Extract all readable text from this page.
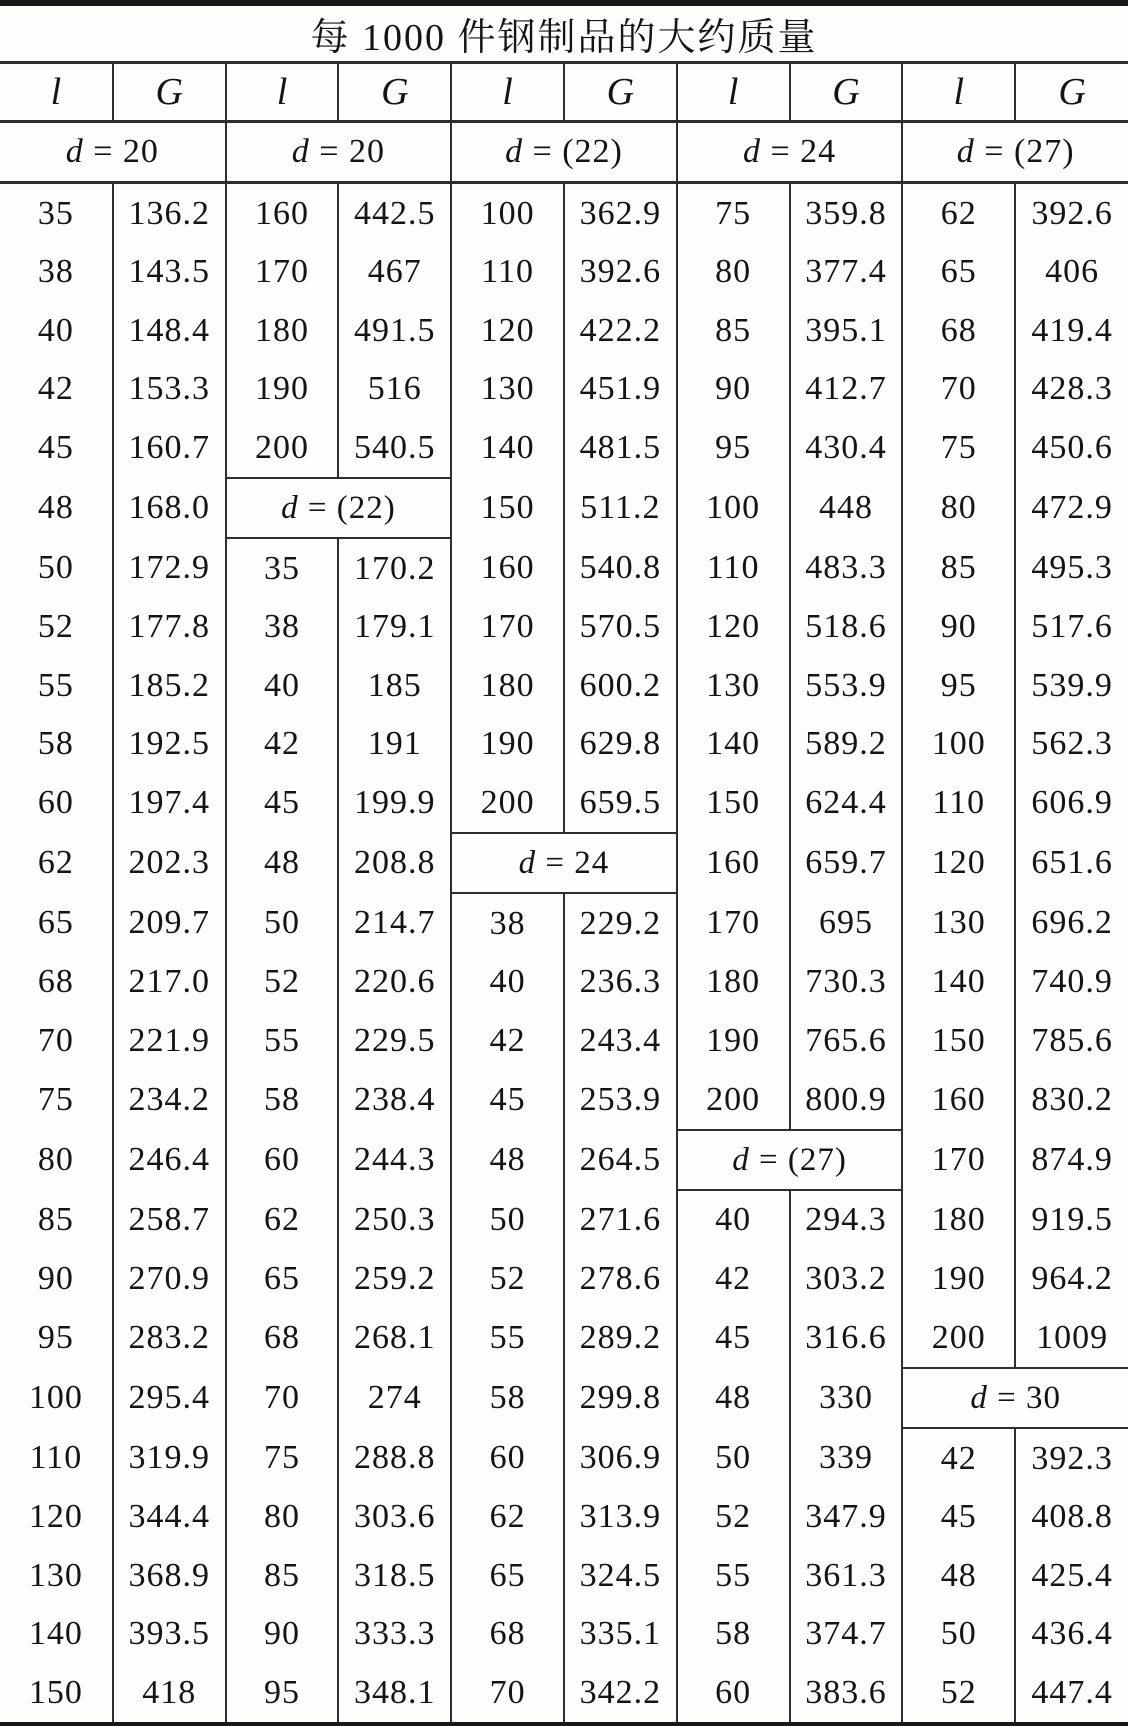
每 1000 件钢制品的大约质量									
l	G	l	G	l	G	l	G	l	G
d = 20		d = 20		d = (22)		d = 24		d = (27)	
35	136.2	160	442.5	100	362.9	75	359.8	62	392.6
38	143.5	170	467	110	392.6	80	377.4	65	406
40	148.4	180	491.5	120	422.2	85	395.1	68	419.4
42	153.3	190	516	130	451.9	90	412.7	70	428.3
45	160.7	200	540.5	140	481.5	95	430.4	75	450.6
48	168.0	d = (22)		150	511.2	100	448	80	472.9
50	172.9	35	170.2	160	540.8	110	483.3	85	495.3
52	177.8	38	179.1	170	570.5	120	518.6	90	517.6
55	185.2	40	185	180	600.2	130	553.9	95	539.9
58	192.5	42	191	190	629.8	140	589.2	100	562.3
60	197.4	45	199.9	200	659.5	150	624.4	110	606.9
62	202.3	48	208.8	d = 24		160	659.7	120	651.6
65	209.7	50	214.7	38	229.2	170	695	130	696.2
68	217.0	52	220.6	40	236.3	180	730.3	140	740.9
70	221.9	55	229.5	42	243.4	190	765.6	150	785.6
75	234.2	58	238.4	45	253.9	200	800.9	160	830.2
80	246.4	60	244.3	48	264.5	d = (27)		170	874.9
85	258.7	62	250.3	50	271.6	40	294.3	180	919.5
90	270.9	65	259.2	52	278.6	42	303.2	190	964.2
95	283.2	68	268.1	55	289.2	45	316.6	200	1009
100	295.4	70	274	58	299.8	48	330	d = 30	
110	319.9	75	288.8	60	306.9	50	339	42	392.3
120	344.4	80	303.6	62	313.9	52	347.9	45	408.8
130	368.9	85	318.5	65	324.5	55	361.3	48	425.4
140	393.5	90	333.3	68	335.1	58	374.7	50	436.4
150	418	95	348.1	70	342.2	60	383.6	52	447.4
